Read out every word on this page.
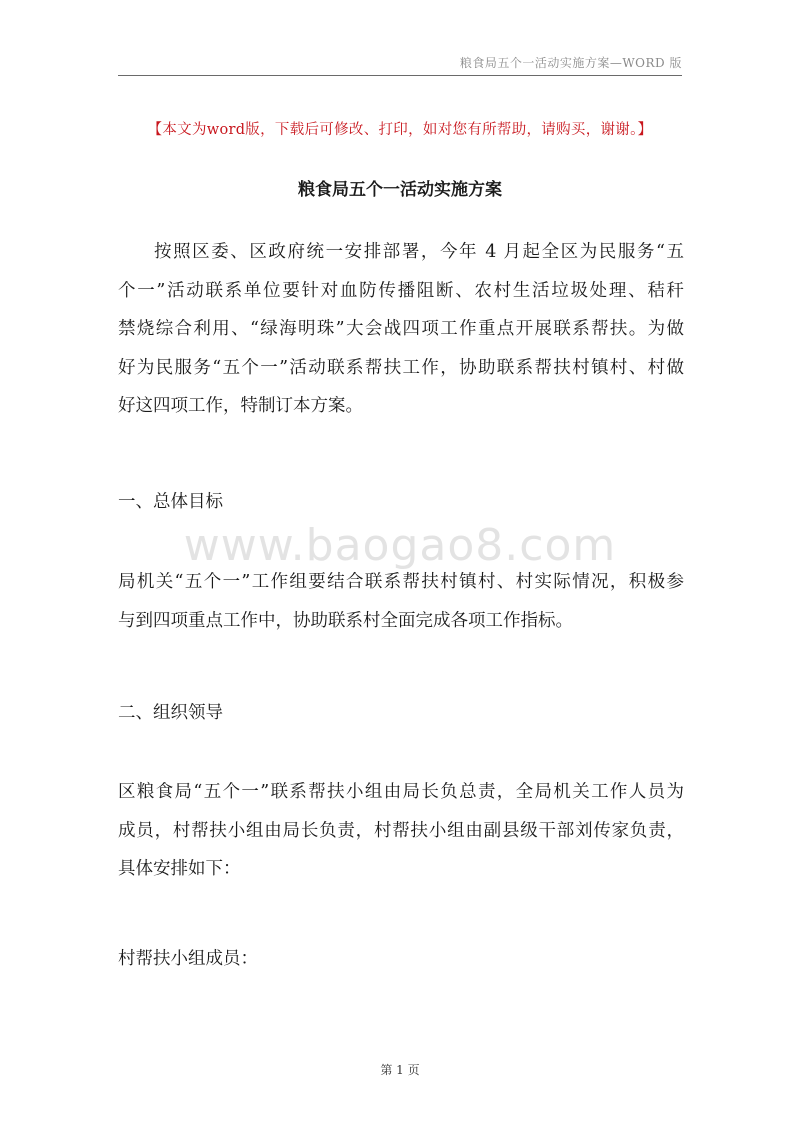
粮食局五个一活动实施方案—WORD 版
【本文为word版，下载后可修改、打印，如对您有所帮助，请购买，谢谢。】
粮食局五个一活动实施方案

按照区委、区政府统一安排部署，今年 4 月起全区为民服务“五
个一”活动联系单位要针对血防传播阻断、农村生活垃圾处理、秸秆
禁烧综合利用、“绿海明珠”大会战四项工作重点开展联系帮扶。为做
好为民服务“五个一”活动联系帮扶工作，协助联系帮扶村镇村、村做
好这四项工作，特制订本方案。

一、总体目标
www.baogao8.com

局机关“五个一”工作组要结合联系帮扶村镇村、村实际情况，积极参
与到四项重点工作中，协助联系村全面完成各项工作指标。

二、组织领导

区粮食局“五个一”联系帮扶小组由局长负总责，全局机关工作人员为
成员，村帮扶小组由局长负责，村帮扶小组由副县级干部刘传家负责，
具体安排如下：

村帮扶小组成员：
第 1 页
